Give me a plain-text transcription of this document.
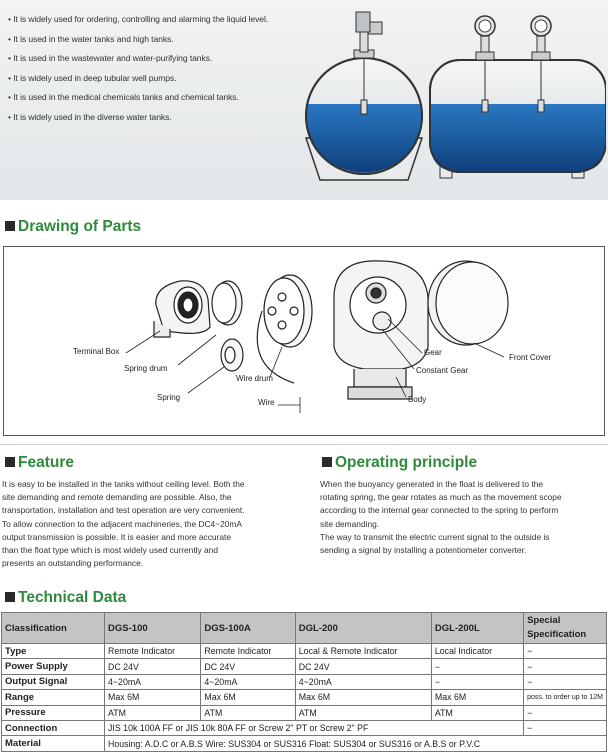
• It is widely used for ordering, controlling and alarming the liquid level.
• It is used in the water tanks and high tanks.
• It is used in the wastewater and water-purifying tanks.
• It is widely used in deep tubular well pumps.
• It is used in the medical chemicals tanks and chemical tanks.
• It is widely used in the diverse water tanks.
Drawing of Parts
Terminal Box
Spring drum
Spring
Wire drum
Wire
Gear
Constant Gear
Body
Front Cover
Feature

It is easy to be installed in the tanks without ceiling level. Both the

site demanding and remote demanding are possible. Also, the

transportation, installation and test operation are very convenient.

To allow connection to the adjacent machineries, the DC4~20mA

output transmission is possible. It is easier and more accurate

than the float type which is most widely used currently and

presents an outstanding performance.

Operating principle

When the buoyancy generated in the float is delivered to the

rotating spring, the gear rotates as much as the movement scope

according to the internal gear connected to the spring to perform

site demanding.

The way to transmit the electric current signal to the outside is

sending a signal by installing a potentiometer converter.

Technical Data
Classification	DGS-100	DGS-100A	DGL-200	DGL-200L	Special Specification
Type	Remote Indicator	Remote Indicator	Local & Remote Indicator	Local Indicator	−
Power Supply	DC 24V	DC 24V	DC 24V	−	−
Output Signal	4~20mA	4~20mA	4~20mA	−	−
Range	Max 6M	Max 6M	Max 6M	Max 6M	poss. to order up to 12M
Pressure	ATM	ATM	ATM	ATM	−
Connection	JIS 10k 100A FF or JIS 10k 80A FF or Screw 2" PT or Screw 2" PF				−
Material	Housing: A.D.C or A.B.S Wire: SUS304 or SUS316 Float: SUS304 or SUS316 or A.B.S or P.V.C				
